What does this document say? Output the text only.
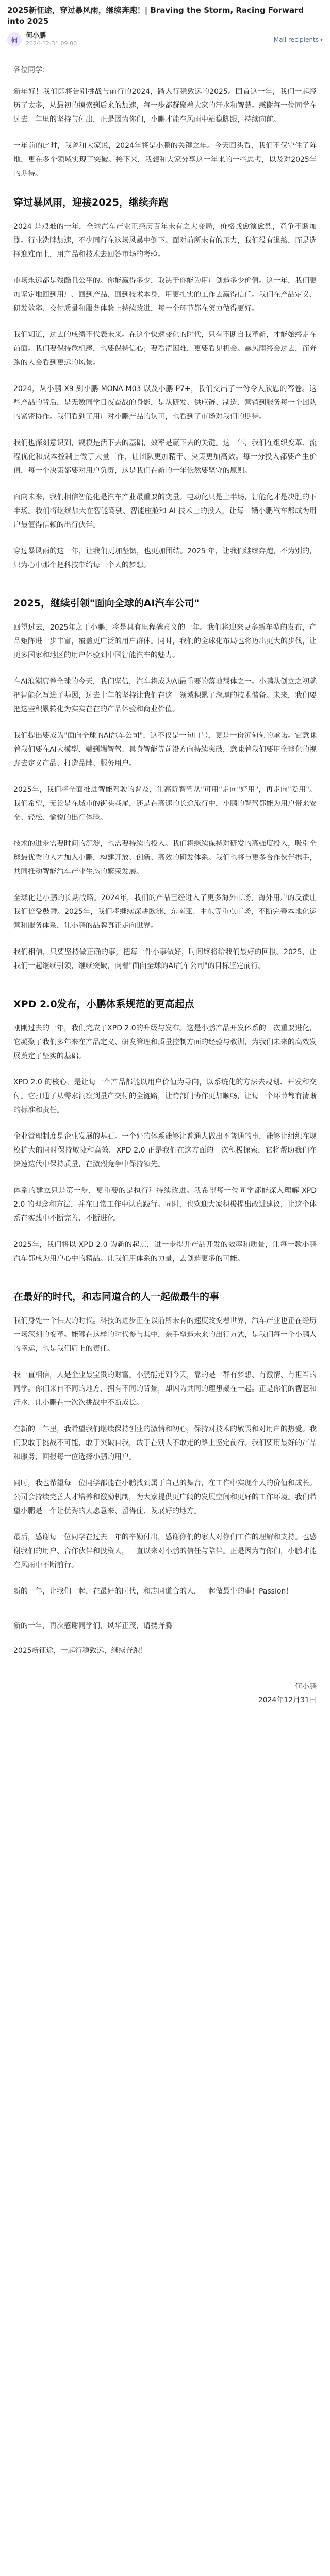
2025新征途，穿过暴风雨，继续奔跑！| Braving the Storm, Racing Forward into 2025
何
何小鹏
2024-12-31 09:00
Mail recipients ▾
各位同学：

新年好！我们即将告别挑战与前行的2024，踏入行稳致远的2025。回首这一年，我们一起经历了太多，从最初的摸索到后来的加速，每一步都凝聚着大家的汗水和智慧。感谢每一位同学在过去一年里的坚持与付出，正是因为你们，小鹏才能在风雨中站稳脚跟，持续向前。

一年前的此时，我曾和大家说，2024年将是小鹏的关键之年。今天回头看，我们不仅守住了阵地，更在多个领域实现了突破。接下来，我想和大家分享这一年来的一些思考，以及对2025年的期待。

穿过暴风雨，迎接2025，继续奔跑

2024 是艰难的一年，全球汽车产业正经历百年未有之大变局，价格战愈演愈烈，竞争不断加剧。行业洗牌加速，不少同行在这场风暴中倒下。面对前所未有的压力，我们没有退缩，而是选择迎难而上，用产品和技术去回答市场的考验。

市场永远都是残酷且公平的。你能赢得多少，取决于你能为用户创造多少价值。这一年，我们更加坚定地回到用户、回到产品、回到技术本身，用更扎实的工作去赢得信任。我们在产品定义、研发效率、交付质量和服务体验上持续改进，每一个环节都在努力做得更好。

我们知道，过去的成绩不代表未来。在这个快速变化的时代，只有不断自我革新，才能始终走在前面。我们要保持危机感，也要保持信心；要看清困难，更要看见机会。暴风雨终会过去，而奔跑的人会看到更远的风景。

2024，从小鹏 X9 到小鹏 MONA M03 以及小鹏 P7+，我们交出了一份令人欣慰的答卷。这些产品的背后，是无数同学日夜奋战的身影，是从研发、供应链、制造、营销到服务每一个团队的紧密协作。我们看到了用户对小鹏产品的认可，也看到了市场对我们的期待。

我们也深刻意识到，规模是活下去的基础，效率是赢下去的关键。这一年，我们在组织变革、流程优化和成本控制上做了大量工作，让团队更加精干、决策更加高效。每一分投入都要产生价值，每一个决策都要对用户负责，这是我们在新的一年依然要坚守的原则。

面向未来，我们相信智能化是汽车产业最重要的变量。电动化只是上半场，智能化才是决胜的下半场。我们将继续加大在智能驾驶、智能座舱和 AI 技术上的投入，让每一辆小鹏汽车都成为用户最值得信赖的出行伙伴。

穿过暴风雨的这一年，让我们更加坚韧，也更加团结。2025 年，让我们继续奔跑，不为别的，只为心中那个把科技带给每一个人的梦想。

2025，继续引领"面向全球的AI汽车公司"

回望过去，2025年之于小鹏，将是具有里程碑意义的一年。我们将迎来更多新车型的发布，产品矩阵进一步丰富，覆盖更广泛的用户群体。同时，我们的全球化布局也将迈出更大的步伐，让更多国家和地区的用户体验到中国智能汽车的魅力。

在AI浪潮席卷全球的今天，我们坚信，汽车将成为AI最重要的落地载体之一。小鹏从创立之初就把智能化写进了基因，过去十年的坚持让我们在这一领域积累了深厚的技术储备。未来，我们要把这些积累转化为实实在在的产品体验和商业价值。

我们提出要成为"面向全球的AI汽车公司"，这不仅是一句口号，更是一份沉甸甸的承诺。它意味着我们要在AI大模型、端到端智驾、具身智能等前沿方向持续突破，意味着我们要用全球化的视野去定义产品、打造品牌、服务用户。

2025年，我们将全面推进智能驾驶的普及，让高阶智驾从"可用"走向"好用"，再走向"爱用"。我们希望，无论是在城市的街头巷尾，还是在高速的长途旅行中，小鹏的智驾都能为用户带来安全、轻松、愉悦的出行体验。

技术的进步需要时间的沉淀，也需要持续的投入。我们将继续保持对研发的高强度投入，吸引全球最优秀的人才加入小鹏，构建开放、创新、高效的研发体系。我们也将与更多合作伙伴携手，共同推动智能汽车产业生态的繁荣发展。

全球化是小鹏的长期战略。2024年，我们的产品已经进入了更多海外市场，海外用户的反馈让我们倍受鼓舞。2025年，我们将继续深耕欧洲、东南亚、中东等重点市场，不断完善本地化运营和服务体系，让小鹏的品牌真正走向世界。

我们相信，只要坚持做正确的事，把每一件小事做好，时间终将给我们最好的回报。2025，让我们一起继续引领，继续突破，向着"面向全球的AI汽车公司"的目标坚定前行。

XPD 2.0发布，小鹏体系规范的更高起点

刚刚过去的一年，我们完成了XPD 2.0的升级与发布。这是小鹏产品开发体系的一次重要进化，它凝聚了我们多年来在产品定义、研发管理和质量控制方面的经验与教训，为我们未来的高效发展奠定了坚实的基础。

XPD 2.0 的核心，是让每一个产品都能以用户价值为导向，以系统化的方法去规划、开发和交付。它打通了从需求洞察到量产交付的全链路，让跨部门协作更加顺畅，让每一个环节都有清晰的标准和责任。

企业管理制度是企业发展的基石。一个好的体系能够让普通人做出不普通的事，能够让组织在规模扩大的同时保持敏捷和高效。XPD 2.0 正是我们在这方面的一次积极探索，它将帮助我们在快速迭代中保持质量，在激烈竞争中保持领先。

体系的建立只是第一步，更重要的是执行和持续改进。我希望每一位同学都能深入理解 XPD 2.0 的理念和方法，并在日常工作中认真践行。同时，也欢迎大家积极提出改进建议，让这个体系在实践中不断完善、不断进化。

2025年，我们将以 XPD 2.0 为新的起点，进一步提升产品开发的效率和质量，让每一款小鹏汽车都成为用户心中的精品。让我们用体系的力量，去创造更多的可能。

在最好的时代，和志同道合的人一起做最牛的事

我们身处一个伟大的时代。科技的进步正在以前所未有的速度改变着世界，汽车产业也正在经历一场深刻的变革。能够在这样的时代参与其中，亲手塑造未来的出行方式，是我们每一个小鹏人的幸运，也是我们肩上的责任。

我一直相信，人是企业最宝贵的财富。小鹏能走到今天，靠的是一群有梦想、有激情、有担当的同学。你们来自不同的地方，拥有不同的背景，却因为共同的理想聚在一起。正是你们的智慧和汗水，让小鹏在一次次挑战中不断成长。

在新的一年里，我希望我们继续保持创业的激情和初心，保持对技术的敬畏和对用户的热爱。我们要敢于挑战不可能，敢于突破自我，敢于在别人不敢走的路上坚定前行。我们要用最好的产品和服务，回报每一位选择小鹏的用户。

同时，我也希望每一位同学都能在小鹏找到属于自己的舞台，在工作中实现个人的价值和成长。公司会持续完善人才培养和激励机制，为大家提供更广阔的发展空间和更好的工作环境。我们希望小鹏是一个让优秀的人愿意来、留得住、发展好的地方。

最后，感谢每一位同学在过去一年的辛勤付出，感谢你们的家人对你们工作的理解和支持。也感谢我们的用户、合作伙伴和投资人，一直以来对小鹏的信任与陪伴。正是因为有你们，小鹏才能在风雨中不断前行。

新的一年，让我们一起，在最好的时代，和志同道合的人，一起做最牛的事！Passion！

新的一年，再次感谢同学们，风华正茂，请携奔腾！
2025新征途，一起行稳致远，继续奔跑！
何小鹏
2024年12月31日
